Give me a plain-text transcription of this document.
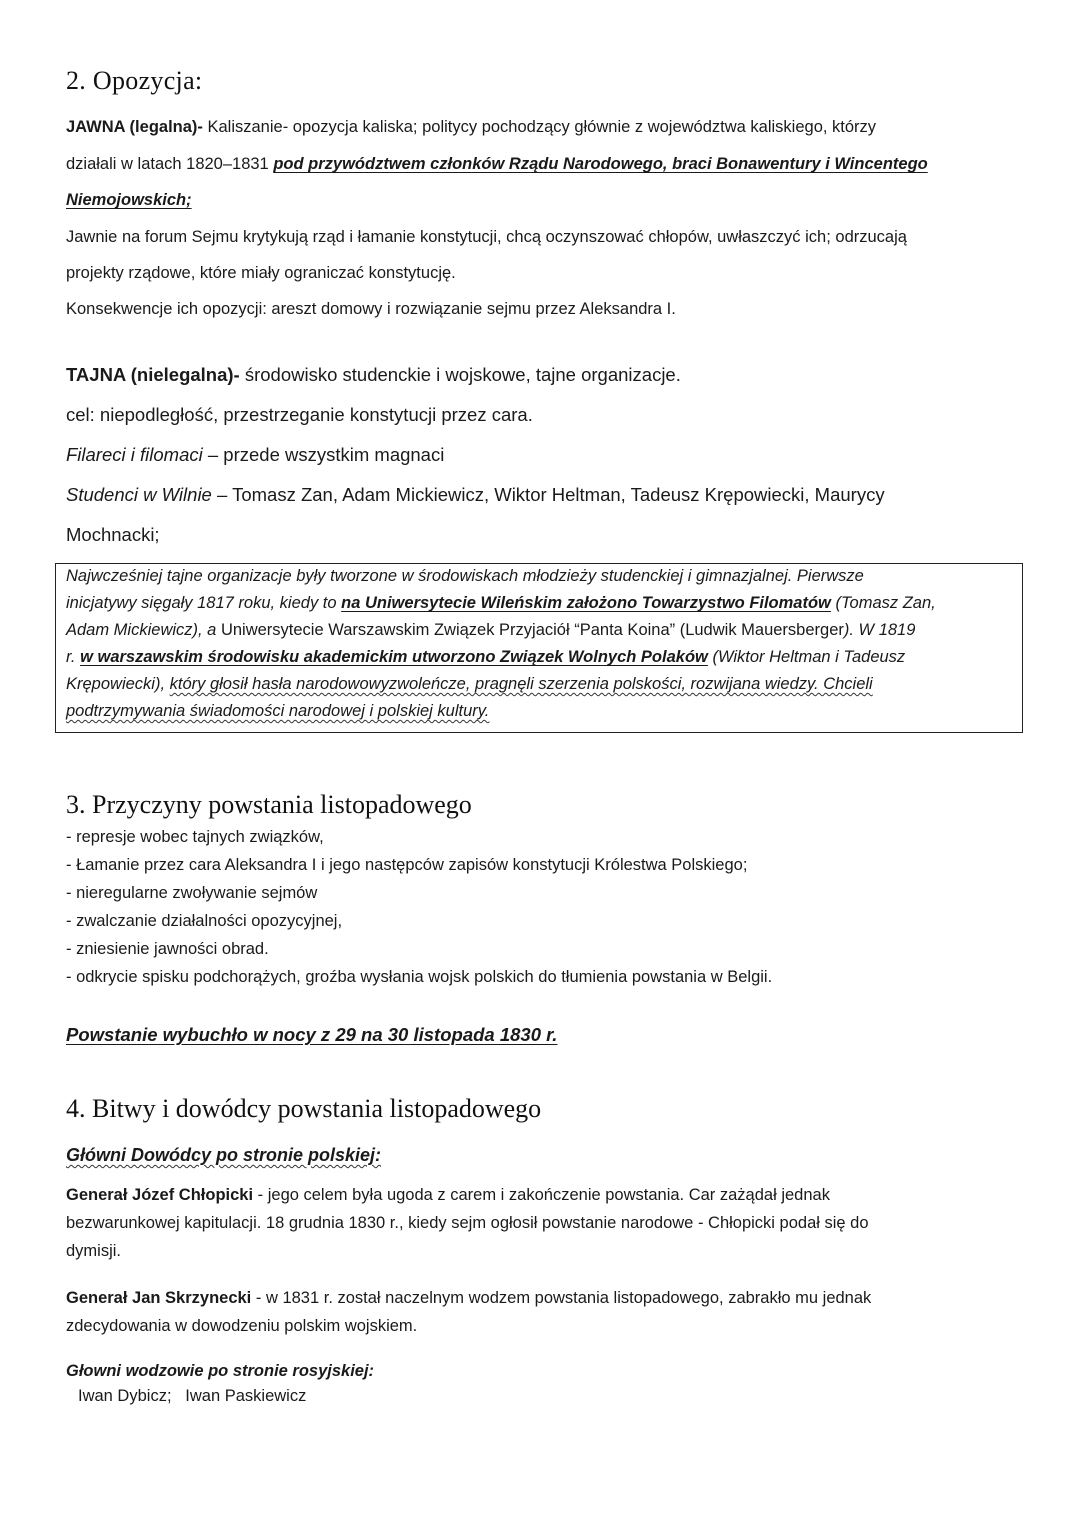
2. Opozycja:

JAWNA (legalna)- Kaliszanie- opozycja kaliska; politycy pochodzący głównie z województwa kaliskiego, którzy

działali w latach 1820–1831 pod przywództwem członków Rządu Narodowego, braci Bonawentury i Wincentego

Niemojowskich;

Jawnie na forum Sejmu krytykują rząd i łamanie konstytucji, chcą oczynszować chłopów, uwłaszczyć ich; odrzucają

projekty rządowe, które miały ograniczać konstytucję.

Konsekwencje ich opozycji: areszt domowy i rozwiązanie sejmu przez Aleksandra I.

TAJNA (nielegalna)- środowisko studenckie i wojskowe, tajne organizacje.

cel: niepodległość, przestrzeganie konstytucji przez cara.

Filareci i filomaci – przede wszystkim magnaci

Studenci w Wilnie – Tomasz Zan, Adam Mickiewicz, Wiktor Heltman, Tadeusz Krępowiecki, Maurycy

Mochnacki;

Najwcześniej tajne organizacje były tworzone w środowiskach młodzieży studenckiej i gimnazjalnej. Pierwsze

inicjatywy sięgały 1817 roku, kiedy to na Uniwersytecie Wileńskim założono Towarzystwo Filomatów (Tomasz Zan,

Adam Mickiewicz), a Uniwersytecie Warszawskim Związek Przyjaciół “Panta Koina” (Ludwik Mauersberger). W 1819

r. w warszawskim środowisku akademickim utworzono Związek Wolnych Polaków (Wiktor Heltman i Tadeusz

Krępowiecki), który głosił hasła narodowowyzwoleńcze, pragnęli szerzenia polskości, rozwijana wiedzy. Chcieli

podtrzymywania świadomości narodowej i polskiej kultury.

3. Przyczyny powstania listopadowego

- represje wobec tajnych związków,

- Łamanie przez cara Aleksandra I i jego następców zapisów konstytucji Królestwa Polskiego;

- nieregularne zwoływanie sejmów

- zwalczanie działalności opozycyjnej,

- zniesienie jawności obrad.

- odkrycie spisku podchorążych, groźba wysłania wojsk polskich do tłumienia powstania w Belgii.

Powstanie wybuchło w nocy z 29 na 30 listopada 1830 r.

4. Bitwy i dowódcy powstania listopadowego

Główni Dowódcy po stronie polskiej:

Generał Józef Chłopicki - jego celem była ugoda z carem i zakończenie powstania. Car zażądał jednak

bezwarunkowej kapitulacji. 18 grudnia 1830 r., kiedy sejm ogłosił powstanie narodowe - Chłopicki podał się do

dymisji.

Generał Jan Skrzynecki - w 1831 r. został naczelnym wodzem powstania listopadowego, zabrakło mu jednak

zdecydowania w dowodzeniu polskim wojskiem.

Głowni wodzowie po stronie rosyjskiej:

Iwan Dybicz;   Iwan Paskiewicz
